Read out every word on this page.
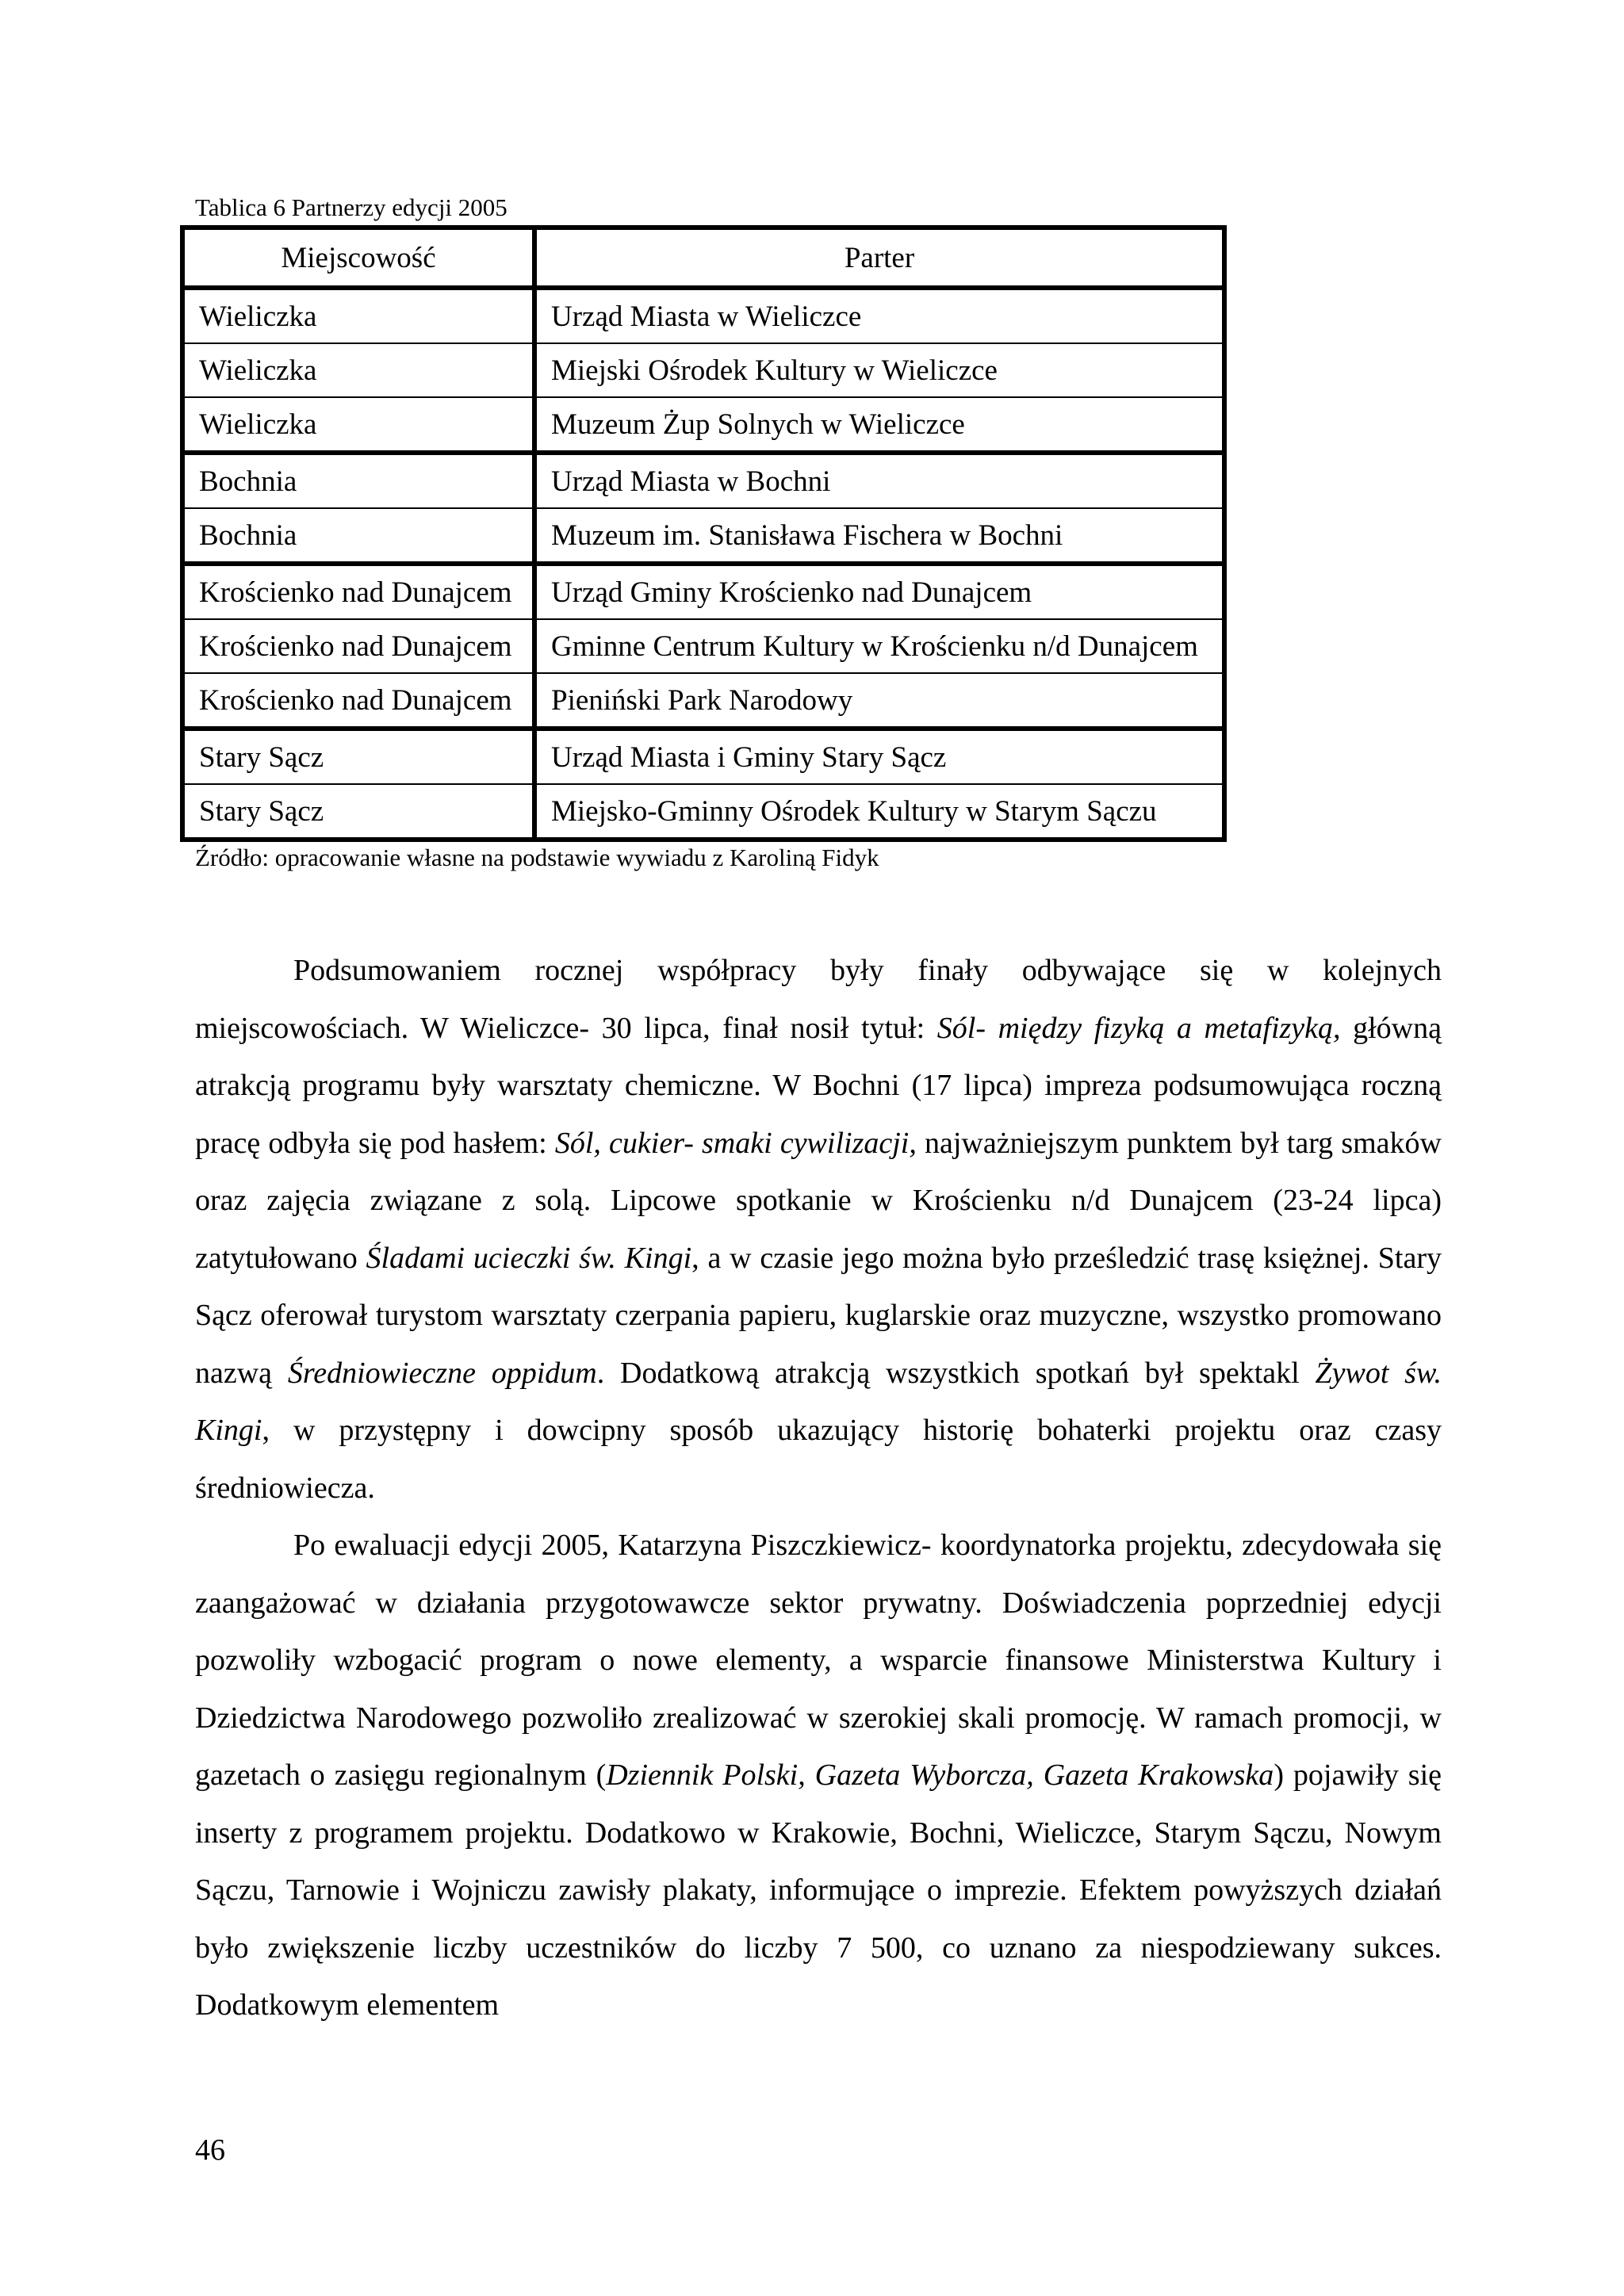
Tablica 6 Partnerzy edycji 2005
Miejscowość	Parter
Wieliczka	Urząd Miasta w Wieliczce
Wieliczka	Miejski Ośrodek Kultury w Wieliczce
Wieliczka	Muzeum Żup Solnych w Wieliczce
Bochnia	Urząd Miasta w Bochni
Bochnia	Muzeum im. Stanisława Fischera w Bochni
Krościenko nad Dunajcem	Urząd Gminy Krościenko nad Dunajcem
Krościenko nad Dunajcem	Gminne Centrum Kultury w Krościenku n/d Dunajcem
Krościenko nad Dunajcem	Pieniński Park Narodowy
Stary Sącz	Urząd Miasta i Gminy Stary Sącz
Stary Sącz	Miejsko-Gminny Ośrodek Kultury w Starym Sączu
Źródło: opracowanie własne na podstawie wywiadu z Karoliną Fidyk

Podsumowaniem rocznej współpracy były finały odbywające się w kolejnych miejscowościach. W Wieliczce- 30 lipca, finał nosił tytuł: Sól- między fizyką a metafizyką, główną atrakcją programu były warsztaty chemiczne. W Bochni (17 lipca) impreza podsumowująca roczną pracę odbyła się pod hasłem: Sól, cukier- smaki cywilizacji, najważniejszym punktem był targ smaków oraz zajęcia związane z solą. Lipcowe spotkanie w Krościenku n/d Dunajcem (23-24 lipca) zatytułowano Śladami ucieczki św. Kingi, a w czasie jego można było prześledzić trasę księżnej. Stary Sącz oferował turystom warsztaty czerpania papieru, kuglarskie oraz muzyczne, wszystko promowano nazwą Średniowieczne oppidum. Dodatkową atrakcją wszystkich spotkań był spektakl Żywot św. Kingi, w przystępny i dowcipny sposób ukazujący historię bohaterki projektu oraz czasy średniowiecza.

Po ewaluacji edycji 2005, Katarzyna Piszczkiewicz- koordynatorka projektu, zdecydowała się zaangażować w działania przygotowawcze sektor prywatny. Doświadczenia poprzedniej edycji pozwoliły wzbogacić program o nowe elementy, a wsparcie finansowe Ministerstwa Kultury i Dziedzictwa Narodowego pozwoliło zrealizować w szerokiej skali promocję. W ramach promocji, w gazetach o zasięgu regionalnym (Dziennik Polski, Gazeta Wyborcza, Gazeta Krakowska) pojawiły się inserty z programem projektu. Dodatkowo w Krakowie, Bochni, Wieliczce, Starym Sączu, Nowym Sączu, Tarnowie i Wojniczu zawisły plakaty, informujące o imprezie. Efektem powyższych działań było zwiększenie liczby uczestników do liczby 7 500, co uznano za niespodziewany sukces. Dodatkowym elementem

46
